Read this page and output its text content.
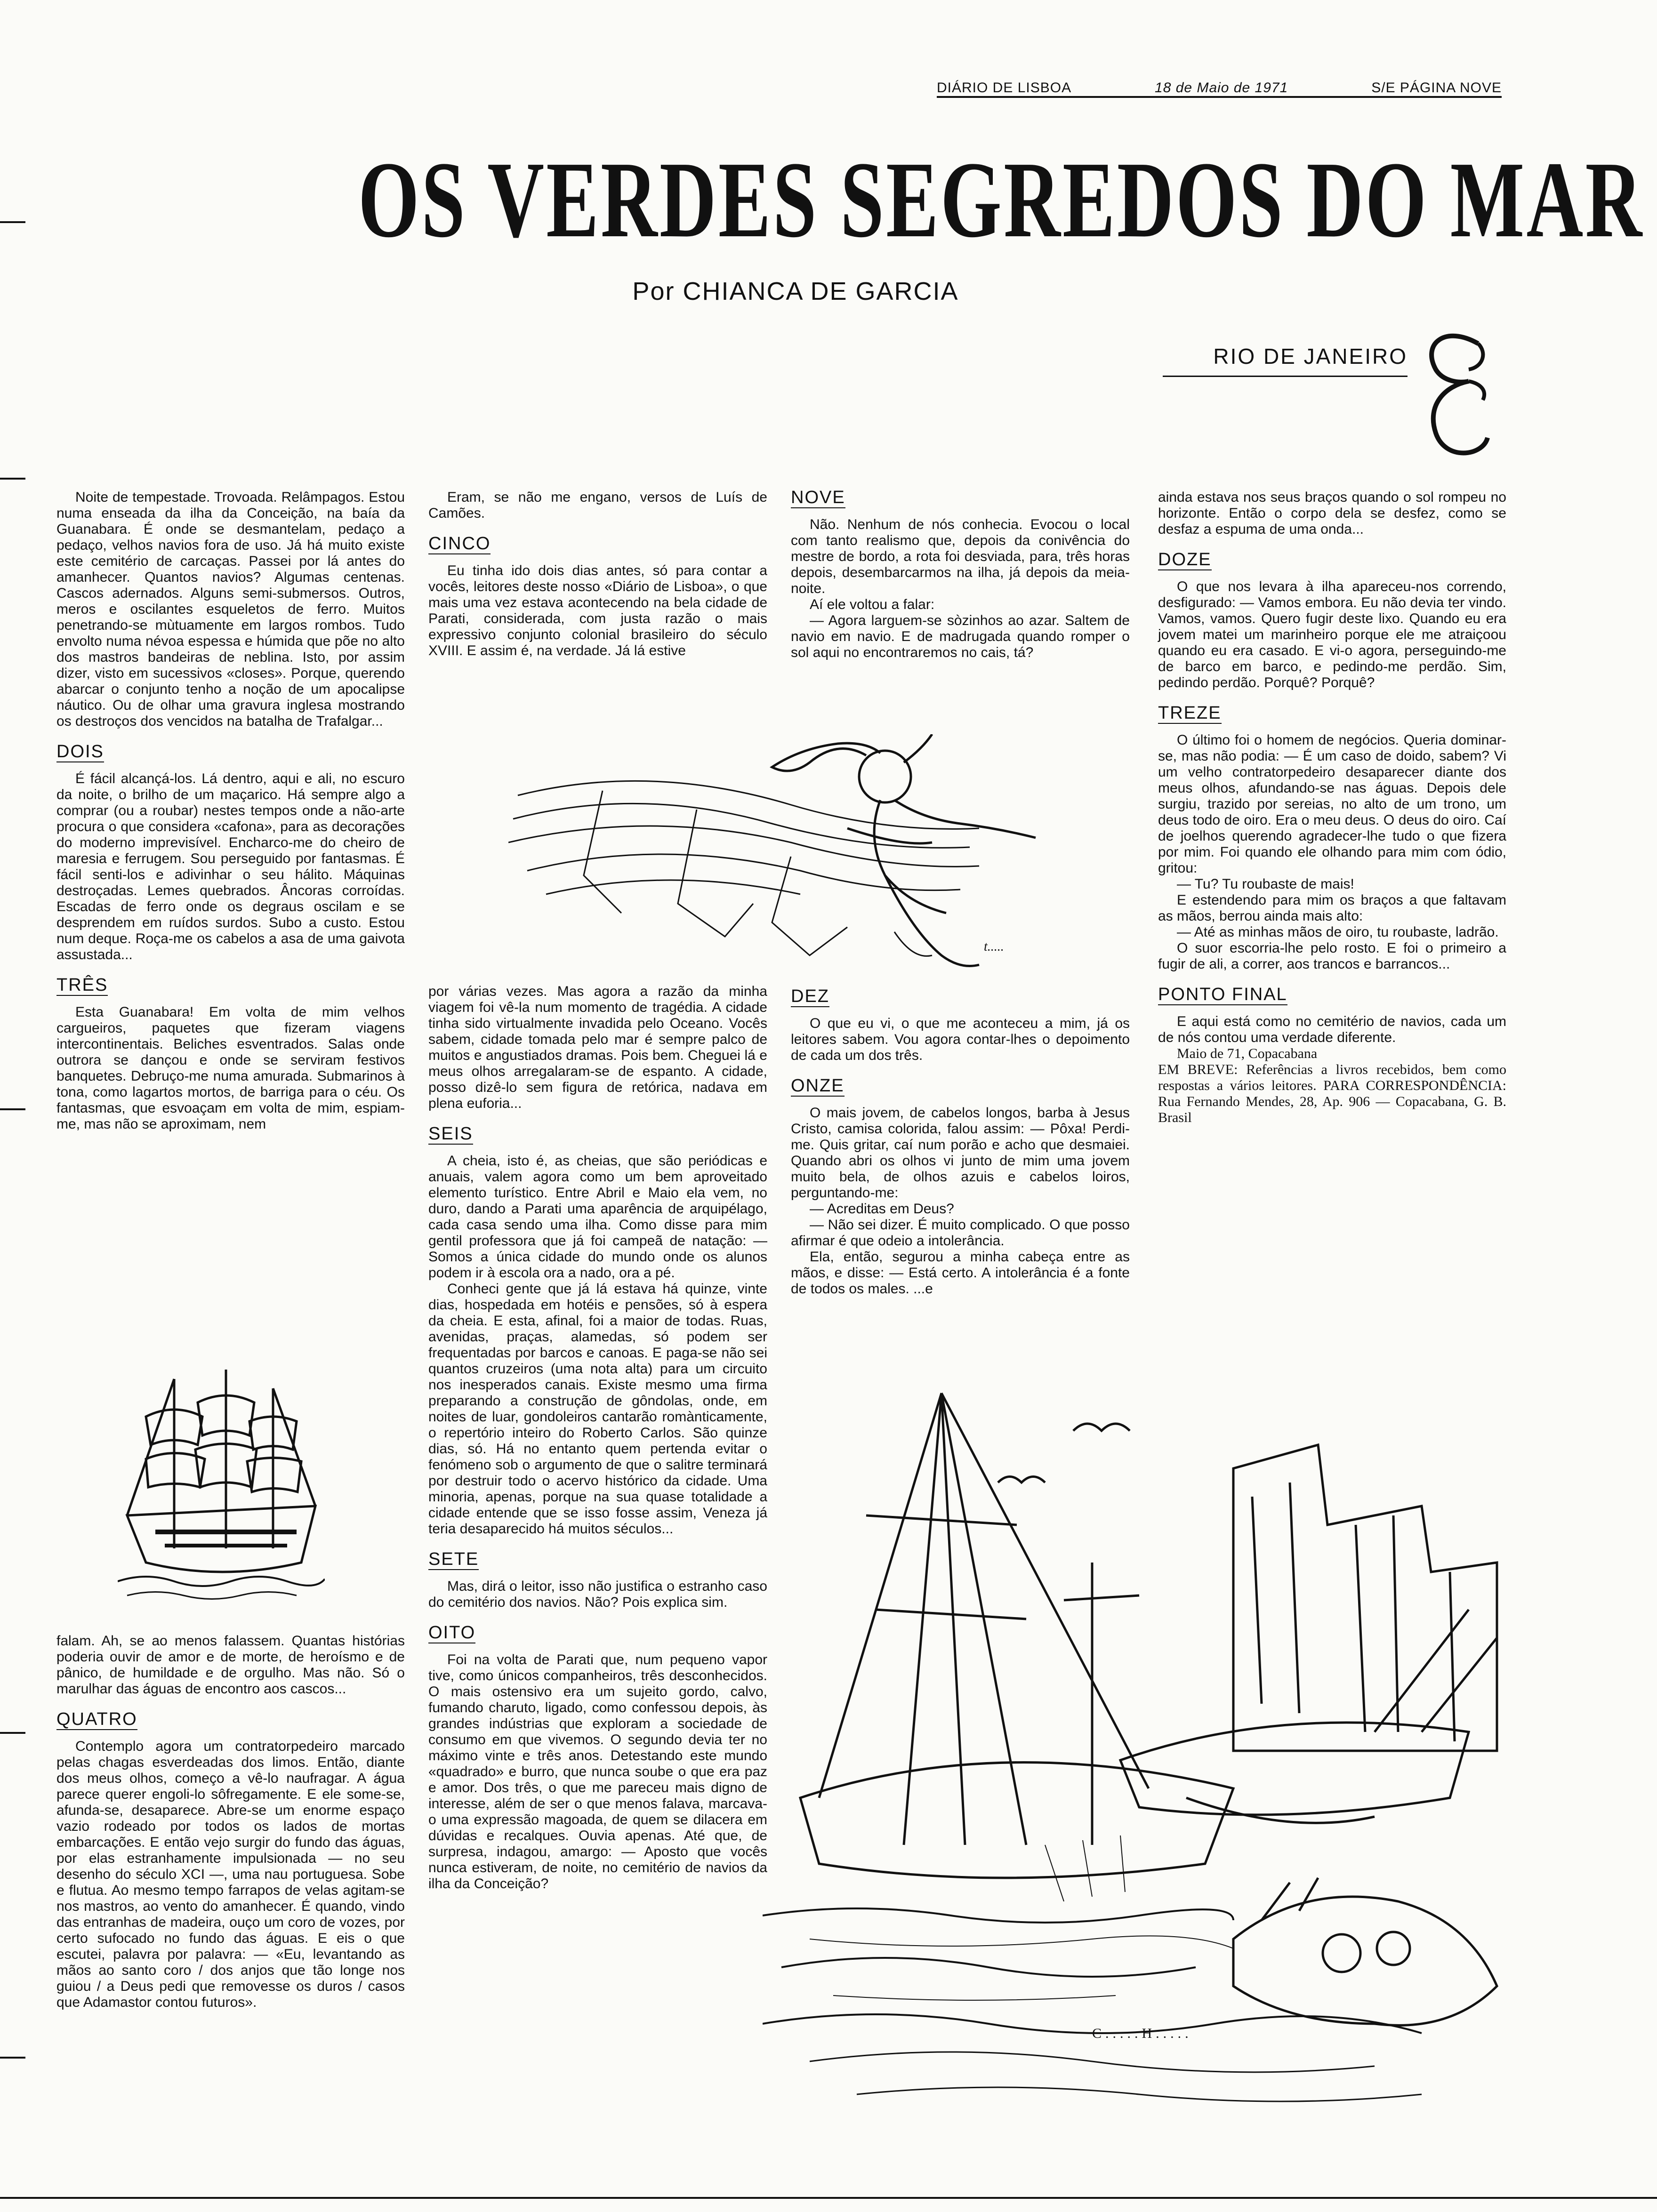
DIÁRIO DE LISBOA	18 de Maio de 1971	S/E PÁGINA NOVE
OS VERDES SEGREDOS DO MAR
Por CHIANCA DE GARCIA
RIO DE JANEIRO
E

Noite de tempestade. Trovoada. Relâmpagos. Estou numa enseada da ilha da Conceição, na baía da Guanabara. É onde se desmantelam, pedaço a pedaço, velhos navios fora de uso. Já há muito existe este cemitério de carcaças. Passei por lá antes do amanhecer. Quantos navios? Algumas centenas. Cascos adernados. Alguns semi-submersos. Outros, meros e oscilantes esqueletos de ferro. Muitos penetrando-se mùtuamente em largos rombos. Tudo envolto numa névoa espessa e húmida que põe no alto dos mastros bandeiras de neblina. Isto, por assim dizer, visto em sucessivos «closes». Porque, querendo abarcar o conjunto tenho a noção de um apocalipse náutico. Ou de olhar uma gravura inglesa mostrando os destroços dos vencidos na batalha de Trafalgar...

DOIS

É fácil alcançá-los. Lá dentro, aqui e ali, no escuro da noite, o brilho de um maçarico. Há sempre algo a comprar (ou a roubar) nestes tempos onde a não-arte procura o que considera «cafona», para as decorações do moderno imprevisível. Encharco-me do cheiro de maresia e ferrugem. Sou perseguido por fantasmas. É fácil senti-los e adivinhar o seu hálito. Máquinas destroçadas. Lemes quebrados. Âncoras corroídas. Escadas de ferro onde os degraus oscilam e se desprendem em ruídos surdos. Subo a custo. Estou num deque. Roça-me os cabelos a asa de uma gaivota assustada...

TRÊS

Esta Guanabara! Em volta de mim velhos cargueiros, paquetes que fizeram viagens intercontinentais. Beliches esventrados. Salas onde outrora se dançou e onde se serviram festivos banquetes. Debruço-me numa amurada. Submarinos à tona, como lagartos mortos, de barriga para o céu. Os fantasmas, que esvoaçam em volta de mim, espiam-me, mas não se aproximam, nem

falam. Ah, se ao menos falassem. Quantas histórias poderia ouvir de amor e de morte, de heroísmo e de pânico, de humildade e de orgulho. Mas não. Só o marulhar das águas de encontro aos cascos...

QUATRO

Contemplo agora um contratorpedeiro marcado pelas chagas esverdeadas dos limos. Então, diante dos meus olhos, começo a vê-lo naufragar. A água parece querer engoli-lo sôfregamente. E ele some-se, afunda-se, desaparece. Abre-se um enorme espaço vazio rodeado por todos os lados de mortas embarcações. E então vejo surgir do fundo das águas, por elas estranhamente impulsionada — no seu desenho do século XCI —, uma nau portuguesa. Sobe e flutua. Ao mesmo tempo farrapos de velas agitam-se nos mastros, ao vento do amanhecer. É quando, vindo das entranhas de madeira, ouço um coro de vozes, por certo sufocado no fundo das águas. E eis o que escutei, palavra por palavra: — «Eu, levantando as mãos ao santo coro / dos anjos que tão longe nos guiou / a Deus pedi que removesse os duros / casos que Adamastor contou futuros».

Eram, se não me engano, versos de Luís de Camões.

CINCO

Eu tinha ido dois dias antes, só para contar a vocês, leitores deste nosso «Diário de Lisboa», o que mais uma vez estava acontecendo na bela cidade de Parati, considerada, com justa razão o mais expressivo conjunto colonial brasileiro do século XVIII. E assim é, na verdade. Já lá estive

t.....

por várias vezes. Mas agora a razão da minha viagem foi vê-la num momento de tragédia. A cidade tinha sido virtualmente invadida pelo Oceano. Vocês sabem, cidade tomada pelo mar é sempre palco de muitos e angustiados dramas. Pois bem. Cheguei lá e meus olhos arregalaram-se de espanto. A cidade, posso dizê-lo sem figura de retórica, nadava em plena euforia...

SEIS

A cheia, isto é, as cheias, que são periódicas e anuais, valem agora como um bem aproveitado elemento turístico. Entre Abril e Maio ela vem, no duro, dando a Parati uma aparência de arquipélago, cada casa sendo uma ilha. Como disse para mim gentil professora que já foi campeã de natação: — Somos a única cidade do mundo onde os alunos podem ir à escola ora a nado, ora a pé.

Conheci gente que já lá estava há quinze, vinte dias, hospedada em hotéis e pensões, só à espera da cheia. E esta, afinal, foi a maior de todas. Ruas, avenidas, praças, alamedas, só podem ser frequentadas por barcos e canoas. E paga-se não sei quantos cruzeiros (uma nota alta) para um circuito nos inesperados canais. Existe mesmo uma firma preparando a construção de gôndolas, onde, em noites de luar, gondoleiros cantarão romànticamente, o repertório inteiro do Roberto Carlos. São quinze dias, só. Há no entanto quem pertenda evitar o fenómeno sob o argumento de que o salitre terminará por destruir todo o acervo histórico da cidade. Uma minoria, apenas, porque na sua quase totalidade a cidade entende que se isso fosse assim, Veneza já teria desaparecido há muitos séculos...

SETE

Mas, dirá o leitor, isso não justifica o estranho caso do cemitério dos navios. Não? Pois explica sim.

OITO

Foi na volta de Parati que, num pequeno vapor tive, como únicos companheiros, três desconhecidos. O mais ostensivo era um sujeito gordo, calvo, fumando charuto, ligado, como confessou depois, às grandes indústrias que exploram a sociedade de consumo em que vivemos. O segundo devia ter no máximo vinte e três anos. Detestando este mundo «quadrado» e burro, que nunca soube o que era paz e amor. Dos três, o que me pareceu mais digno de interesse, além de ser o que menos falava, marcava-o uma expressão magoada, de quem se dilacera em dúvidas e recalques. Ouvia apenas. Até que, de surpresa, indagou, amargo: — Aposto que vocês nunca estiveram, de noite, no cemitério de navios da ilha da Conceição?

NOVE

Não. Nenhum de nós conhecia. Evocou o local com tanto realismo que, depois da conivência do mestre de bordo, a rota foi desviada, para, três horas depois, desembarcarmos na ilha, já depois da meia-noite.

Aí ele voltou a falar:

— Agora larguem-se sòzinhos ao azar. Saltem de navio em navio. E de madrugada quando romper o sol aqui no encontraremos no cais, tá?

DEZ

O que eu vi, o que me aconteceu a mim, já os leitores sabem. Vou agora contar-lhes o depoimento de cada um dos três.

ONZE

O mais jovem, de cabelos longos, barba à Jesus Cristo, camisa colorida, falou assim: — Pôxa! Perdi-me. Quis gritar, caí num porão e acho que desmaiei. Quando abri os olhos vi junto de mim uma jovem muito bela, de olhos azuis e cabelos loiros, perguntando-me:

— Acreditas em Deus?

— Não sei dizer. É muito complicado. O que posso afirmar é que odeio a intolerância.

Ela, então, segurou a minha cabeça entre as mãos, e disse: — Está certo. A intolerância é a fonte de todos os males. ...e

ainda estava nos seus braços quando o sol rompeu no horizonte. Então o corpo dela se desfez, como se desfaz a espuma de uma onda...

DOZE

O que nos levara à ilha apareceu-nos correndo, desfigurado: — Vamos embora. Eu não devia ter vindo. Vamos, vamos. Quero fugir deste lixo. Quando eu era jovem matei um marinheiro porque ele me atraiçoou quando eu era casado. E vi-o agora, perseguindo-me de barco em barco, e pedindo-me perdão. Sim, pedindo perdão. Porquê? Porquê?

TREZE

O último foi o homem de negócios. Queria dominar-se, mas não podia: — É um caso de doido, sabem? Vi um velho contratorpedeiro desaparecer diante dos meus olhos, afundando-se nas águas. Depois dele surgiu, trazido por sereias, no alto de um trono, um deus todo de oiro. Era o meu deus. O deus do oiro. Caí de joelhos querendo agradecer-lhe tudo o que fizera por mim. Foi quando ele olhando para mim com ódio, gritou:

— Tu? Tu roubaste de mais!

E estendendo para mim os braços a que faltavam as mãos, berrou ainda mais alto:

— Até as minhas mãos de oiro, tu roubaste, ladrão.

O suor escorria-lhe pelo rosto. E foi o primeiro a fugir de ali, a correr, aos trancos e barrancos...

PONTO FINAL

E aqui está como no cemitério de navios, cada um de nós contou uma verdade diferente.

Maio de 71, Copacabana

EM BREVE: Referências a livros recebidos, bem como respostas a vários leitores. PARA CORRESPONDÊNCIA: Rua Fernando Mendes, 28, Ap. 906 — Copacabana, G. B. Brasil

C.....H.....
